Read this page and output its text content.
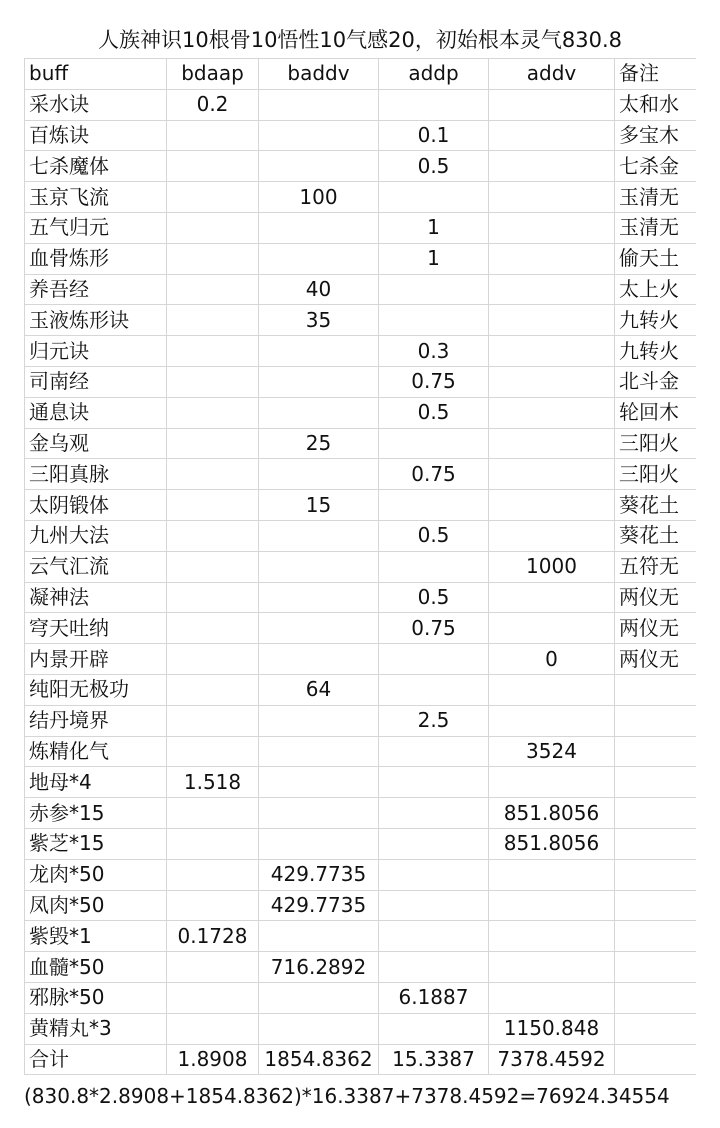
人族神识10根骨10悟性10气感20，初始根本灵气830.8
buff	bdaap	baddv	addp	addv	备注
采水诀	0.2				太和水
百炼诀			0.1		多宝木
七杀魔体			0.5		七杀金
玉京飞流		100			玉清无
五气归元			1		玉清无
血骨炼形			1		偷天土
养吾经		40			太上火
玉液炼形诀		35			九转火
归元诀			0.3		九转火
司南经			0.75		北斗金
通息诀			0.5		轮回木
金乌观		25			三阳火
三阳真脉			0.75		三阳火
太阴锻体		15			葵花土
九州大法			0.5		葵花土
云气汇流				1000	五符无
凝神法			0.5		两仪无
穹天吐纳			0.75		两仪无
内景开辟				0	两仪无
纯阳无极功		64			
结丹境界			2.5		
炼精化气				3524	
地母*4	1.518				
赤参*15				851.8056	
紫芝*15				851.8056	
龙肉*50		429.7735			
凤肉*50		429.7735			
紫毁*1	0.1728				
血髓*50		716.2892			
邪脉*50			6.1887		
黄精丸*3				1150.848	
合计	1.8908	1854.8362	15.3387	7378.4592	
(830.8*2.8908+1854.8362)*16.3387+7378.4592=76924.34554
